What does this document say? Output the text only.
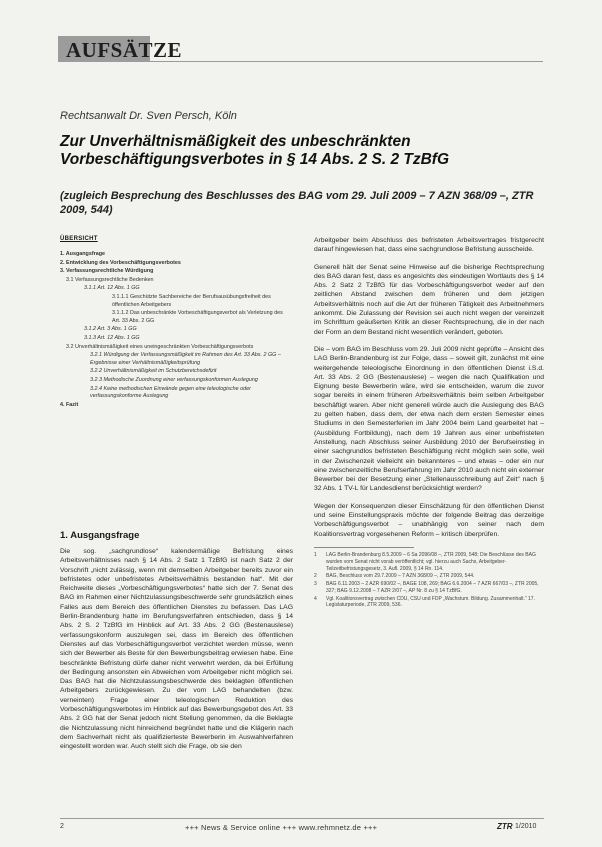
AUFSÄTZE
Rechtsanwalt Dr. Sven Persch, Köln
Zur Unverhältnismäßigkeit des unbeschränkten Vorbeschäftigungsverbotes in § 14 Abs. 2 S. 2 TzBfG
(zugleich Besprechung des Beschlusses des BAG vom 29. Juli 2009 – 7 AZN 368/09 –, ZTR 2009, 544)
ÜBERSICHT
1. Ausgangsfrage
2. Entwicklung des Vorbeschäftigungsverbotes
3. Verfassungsrechtliche Würdigung
3.1 Verfassungsrechtliche Bedenken
3.1.1 Art. 12 Abs. 1 GG
3.1.1.1 Geschützte Sachbereiche der Berufsausübungsfreiheit des öffentlichen Arbeitgebers
3.1.1.2 Das unbeschränkte Vorbeschäftigungsverbot als Verletzung des Art. 33 Abs. 2 GG
3.1.2 Art. 3 Abs. 1 GG
3.1.3 Art. 12 Abs. 1 GG
3.2 Unverhältnismäßigkeit eines uneingeschränkten Vorbeschäftigungsverbots
3.2.1 Würdigung der Verfassungsmäßigkeit im Rahmen des Art. 33 Abs. 2 GG – Ergebnisse einer Verhältnismäßigkeitsprüfung
3.2.2 Unverhältnismäßigkeit im Schutzbereichsdefizit
3.2.3 Methodische Zuordnung einer verfassungskonformen Auslegung
3.2.4 Keine methodischen Einwände gegen eine teleologische oder verfassungskonforme Auslegung
4. Fazit
1. Ausgangsfrage
Die sog. „sachgrundlose“ kalendermäßige Befristung eines Arbeitsverhältnisses nach § 14 Abs. 2 Satz 1 TzBfG ist nach Satz 2 der Vorschrift „nicht zulässig, wenn mit demselben Arbeitgeber bereits zuvor ein befristetes oder unbefristetes Arbeitsverhältnis bestanden hat“. Mit der Reichweite dieses „Vorbeschäftigungsverbotes“ hatte sich der 7. Senat des BAG im Rahmen einer Nichtzulassungsbeschwerde sehr grundsätzlich eines Falles aus dem Bereich des öffentlichen Dienstes zu befassen. Das LAG Berlin-Brandenburg hatte im Berufungsverfahren entschieden, dass § 14 Abs. 2 S. 2 TzBfG im Hinblick auf Art. 33 Abs. 2 GG (Bestenauslese) verfassungskonform auszulegen sei, dass im Bereich des öffentlichen Dienstes auf das Vorbeschäftigungsverbot verzichtet werden müsse, wenn sich der Bewerber als Beste für den Bewerbungsbeitrag erwiesen habe. Eine beschränkte Befristung dürfe daher nicht verwehrt werden, da bei Erfüllung der Bedingung ansonsten ein Abweichen vom Arbeitgeber nicht möglich sei. Das BAG hat die Nichtzulassungsbeschwerde des beklagten öffentlichen Arbeitgebers zurückgewiesen. Zu der vom LAG behandelten (bzw. verneinten) Frage einer teleologischen Reduktion des Vorbeschäftigungsverbotes im Hinblick auf das Bewerbungsgebot des Art. 33 Abs. 2 GG hat der Senat jedoch nicht Stellung genommen, da die Beklagte die Nichtzulassung nicht hinreichend begründet hatte und die Klägerin nach dem Sachverhalt nicht als qualifizierteste Bewerberin im Auswahlverfahren eingestellt worden war. Auch stellt sich die Frage, ob sie den

Arbeitgeber beim Abschluss des befristeten Arbeitsvertrages fristgerecht darauf hingewiesen hat, dass eine sachgrundlose Befristung ausscheide.

Generell hält der Senat seine Hinweise auf die bisherige Rechtsprechung des BAG daran fest, dass es angesichts des eindeutigen Wortlauts des § 14 Abs. 2 Satz 2 TzBfG für das Vorbeschäftigungsverbot weder auf den zeitlichen Abstand zwischen dem früheren und dem jetzigen Arbeitsverhältnis noch auf die Art der früheren Tätigkeit des Arbeitnehmers ankommt. Die Zulassung der Revision sei auch nicht wegen der vereinzelt im Schrifttum geäußerten Kritik an dieser Rechtsprechung, die in der nach der Form an dem Bestand nicht wesentlich verändert, geboten.

Die – vom BAG im Beschluss vom 29. Juli 2009 nicht geprüfte – Ansicht des LAG Berlin-Brandenburg ist zur Folge, dass – soweit gilt, zunächst mit eine weitergehende teleologische Einordnung in den öffentlichen Dienst i.S.d. Art. 33 Abs. 2 GG (Bestenauslese) – wegen die nach Qualifikation und Eignung beste Bewerberin wäre, wird sie entscheiden, warum die zuvor sogar bereits in einem früheren Arbeitsverhältnis beim selben Arbeitgeber beschäftigt waren. Aber nicht generell würde auch die Auslegung des BAG zu gelten haben, dass dem, der etwa nach dem ersten Semester eines Studiums in den Semesterferien im Jahr 2004 beim Land gearbeitet hat – (Ausbildung Fortbildung), nach dem 19 Jahren aus einer unbefristeten Anstellung, nach Abschluss seiner Ausbildung 2010 der Berufseinstieg in einer sachgrundlos befristeten Beschäftigung nicht möglich sein solle, weil in der Zwischenzeit vielleicht ein bekannteres – und etwas – oder ein nur eine zwischenzeitliche Berufserfahrung im Jahr 2010 auch nicht ein externer Bewerber bei der Besetzung einer „Stellenausschreibung auf Zeit“ nach § 32 Abs. 1 TV-L für Landesdienst berücksichtigt werden?

Wegen der Konsequenzen dieser Einschätzung für den öffentlichen Dienst und seine Einstellungspraxis möchte der folgende Beitrag das derzeitige Vorbeschäftigungsverbot – unabhängig von seiner nach dem Koalitionsvertrag vorgesehenen Reform – kritisch überprüfen.

1	LAG Berlin-Brandenburg 8.5.2009 – 6 Sa 2096/08 –, ZTR 2009, 548; Die Beschlüsse des BAG wurden vom Senat nicht vorab veröffentlicht; vgl. hierzu auch Sachs, Arbeitgeber-Teilzeitbefristungsgesetz, 3. Aufl. 2009, § 14 Rn. 114.
2	BAG, Beschluss vom 29.7.2009 – 7 AZN 368/09 –, ZTR 2009, 544.
3	BAG 6.11.2003 – 2 AZR 690/02 –, BAGE 108, 269; BAG 6.6.2004 – 7 AZR 667/03 –, ZTR 2005, 327; BAG 9.12.2008 – 7 AZR 2/07 –, AP Nr. 8 zu § 14 TzBfG.
4	Vgl. Koalitionsvertrag zwischen CDU, CSU und FDP „Wachstum. Bildung. Zusammenhalt.“ 17. Legislaturperiode, ZTR 2009, 536.
2	+++ News & Service online +++ www.rehmnetz.de +++	ZTR 1/2010
